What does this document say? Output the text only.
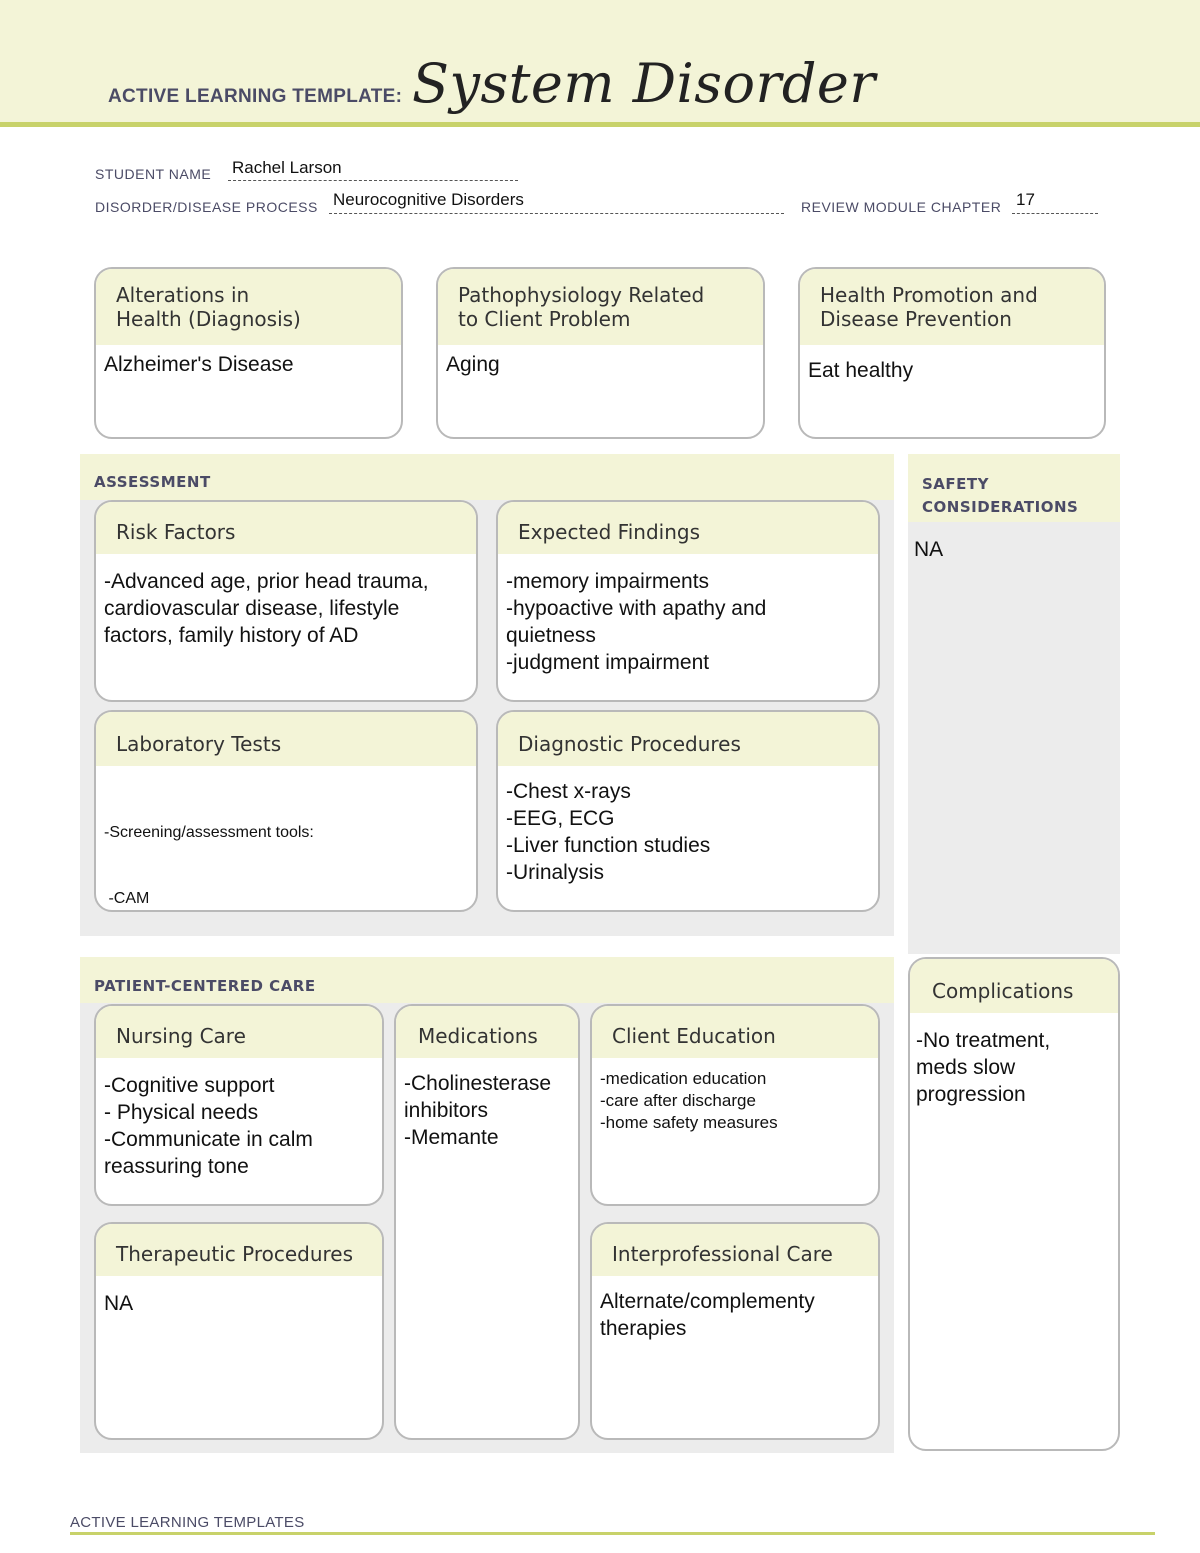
ACTIVE LEARNING TEMPLATE: System Disorder
STUDENT NAME Rachel Larson
DISORDER/DISEASE PROCESS Neurocognitive Disorders	REVIEW MODULE CHAPTER 17
Alterations in
Health (Diagnosis)
Alzheimer's Disease
Pathophysiology Related
to Client Problem
Aging
Health Promotion and
Disease Prevention
Eat healthy
ASSESSMENT
Risk Factors
-Advanced age, prior head trauma,
cardiovascular disease, lifestyle
factors, family history of AD
Expected Findings
-memory impairments
-hypoactive with apathy and
quietness
-judgment impairment
Laboratory Tests

-Screening/assessment tools:

-CAM

Diagnostic Procedures
-Chest x-rays
-EEG, ECG
-Liver function studies
-Urinalysis
SAFETY
CONSIDERATIONS
NA
PATIENT-CENTERED CARE
Nursing Care
-Cognitive support
- Physical needs
-Communicate in calm
reassuring tone
Medications
-Cholinesterase
inhibitors
-Memante
Client Education
-medication education
-care after discharge
-home safety measures
Therapeutic Procedures
NA
Interprofessional Care
Alternate/complementy
therapies
Complications
-No treatment,
meds slow
progression
ACTIVE LEARNING TEMPLATES
